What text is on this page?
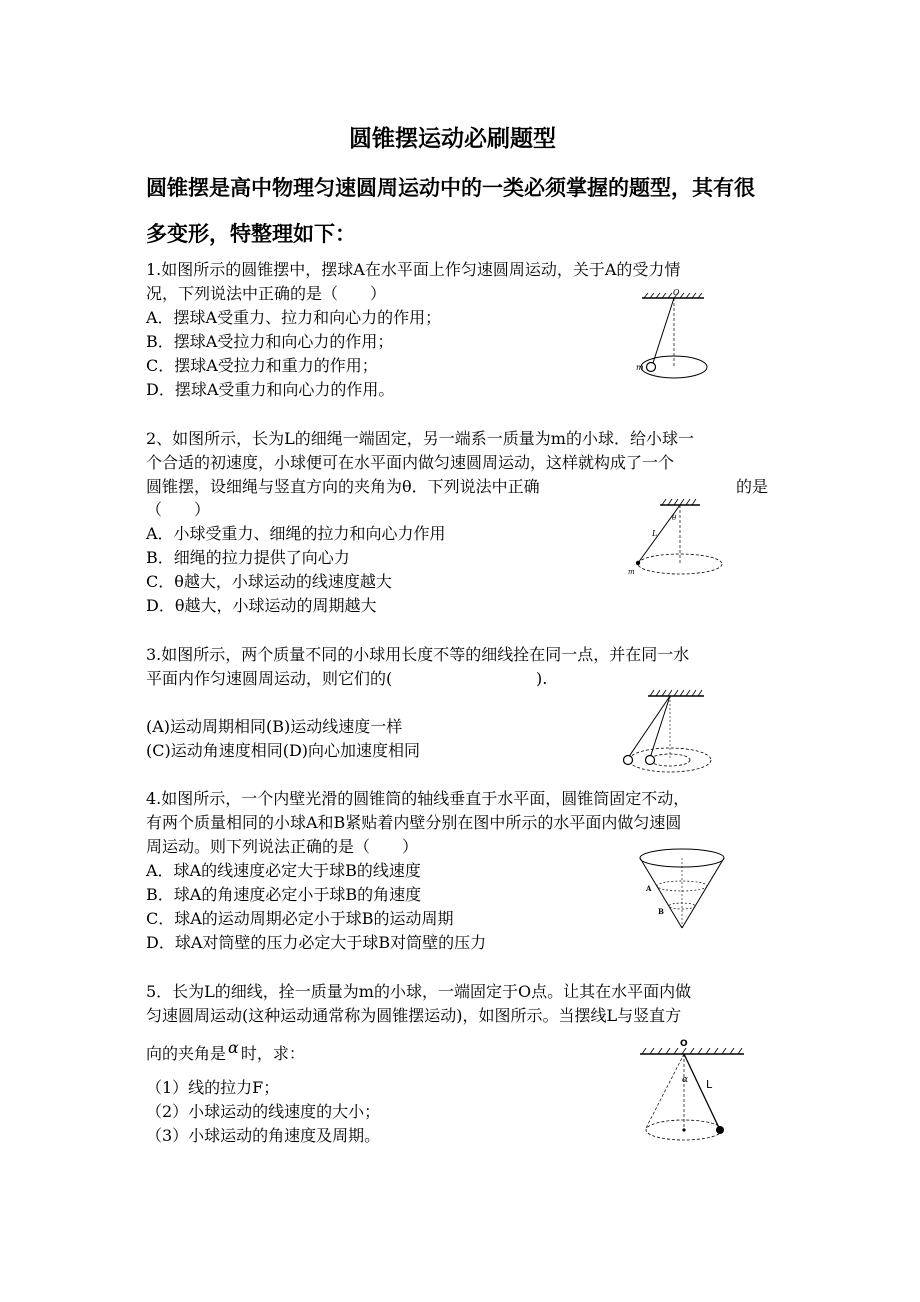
圆锥摆运动必刷题型
圆锥摆是高中物理匀速圆周运动中的一类必须掌握的题型，其有很
多变形，特整理如下：
1.如图所示的圆锥摆中，摆球A在水平面上作匀速圆周运动，关于A的受力情
况，下列说法中正确的是（　　）
A．摆球A受重力、拉力和向心力的作用；
B．摆球A受拉力和向心力的作用；
C．摆球A受拉力和重力的作用；
D．摆球A受重力和向心力的作用。
O
m
2、如图所示，长为L的细绳一端固定，另一端系一质量为m的小球．给小球一
个合适的初速度，小球便可在水平面内做匀速圆周运动，这样就构成了一个
圆锥摆，设细绳与竖直方向的夹角为θ．下列说法中正确	的是
（　　）
A．小球受重力、细绳的拉力和向心力作用
B．细绳的拉力提供了向心力
C．θ越大，小球运动的线速度越大
D．θ越大，小球运动的周期越大
L
θ
m
3.如图所示，两个质量不同的小球用长度不等的细线拴在同一点，并在同一水
平面内作匀速圆周运动，则它们的(	).
(A)运动周期相同(B)运动线速度一样
(C)运动角速度相同(D)向心加速度相同
4.如图所示，一个内壁光滑的圆锥筒的轴线垂直于水平面，圆锥筒固定不动，
有两个质量相同的小球A和B紧贴着内壁分别在图中所示的水平面内做匀速圆
周运动。则下列说法正确的是（　　）
A．球A的线速度必定大于球B的线速度
B．球A的角速度必定小于球B的角速度
C．球A的运动周期必定小于球B的运动周期
D．球A对筒壁的压力必定大于球B对筒壁的压力
A
B
5．长为L的细线，拴一质量为m的小球，一端固定于O点。让其在水平面内做
匀速圆周运动(这种运动通常称为圆锥摆运动)，如图所示。当摆线L与竖直方
向的夹角是 α 时，求：
（1）线的拉力F；
（2）小球运动的线速度的大小；
（3）小球运动的角速度及周期。
O
α L
